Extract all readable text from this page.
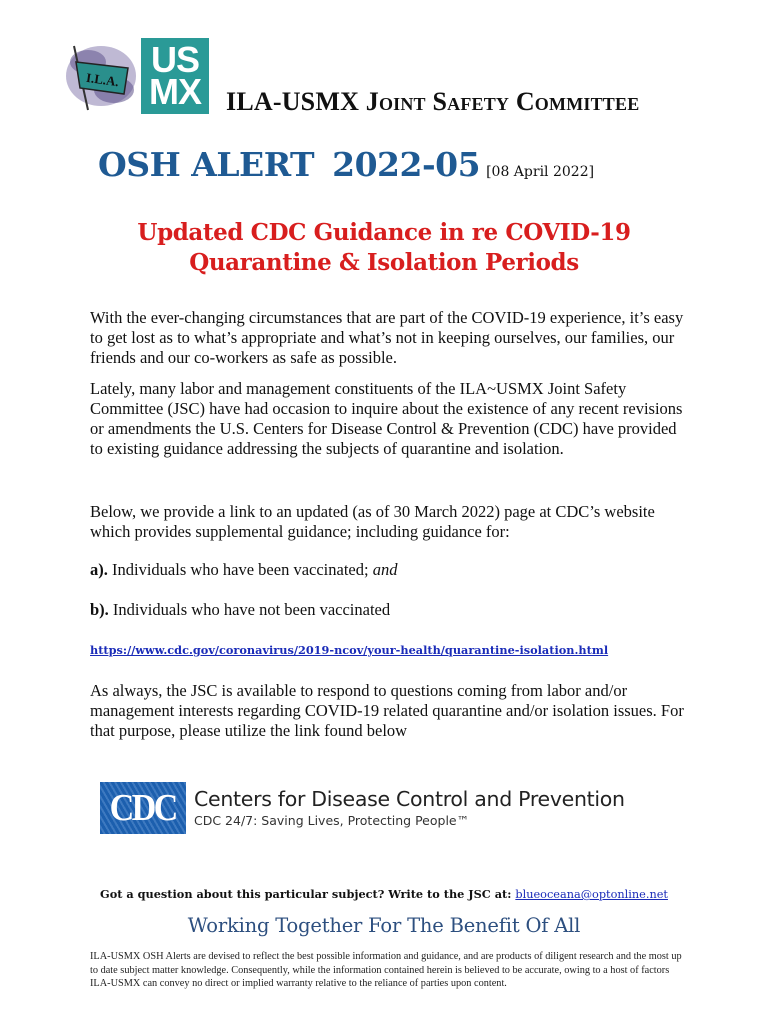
I.L.A. US
MX ILA-USMX Joint Safety Committee
OSH ALERT 2022-05 [08 April 2022]
Updated CDC Guidance in re COVID-19
Quarantine & Isolation Periods

With the ever-changing circumstances that are part of the COVID-19 experience, it’s easy to get lost as to what’s appropriate and what’s not in keeping ourselves, our families, our friends and our co-workers as safe as possible.

Lately, many labor and management constituents of the ILA~USMX Joint Safety Committee (JSC) have had occasion to inquire about the existence of any recent revisions or amendments the U.S. Centers for Disease Control & Prevention (CDC) have provided to existing guidance addressing the subjects of quarantine and isolation.

Below, we provide a link to an updated (as of 30 March 2022) page at CDC’s website which provides supplemental guidance; including guidance for:

a). Individuals who have been vaccinated; and
b). Individuals who have not been vaccinated
https://www.cdc.gov/coronavirus/2019-ncov/your-health/quarantine-isolation.html

As always, the JSC is available to respond to questions coming from labor and/or management interests regarding COVID-19 related quarantine and/or isolation issues. For that purpose, please utilize the link found below

CDC Centers for Disease Control and Prevention
CDC 24/7: Saving Lives, Protecting People™
Got a question about this particular subject? Write to the JSC at: blueoceana@optonline.net
Working Together For The Benefit Of All

ILA-USMX OSH Alerts are devised to reflect the best possible information and guidance, and are products of diligent research and the most up to date subject matter knowledge. Consequently, while the information contained herein is believed to be accurate, owing to a host of factors ILA-USMX can convey no direct or implied warranty relative to the reliance of parties upon content.
